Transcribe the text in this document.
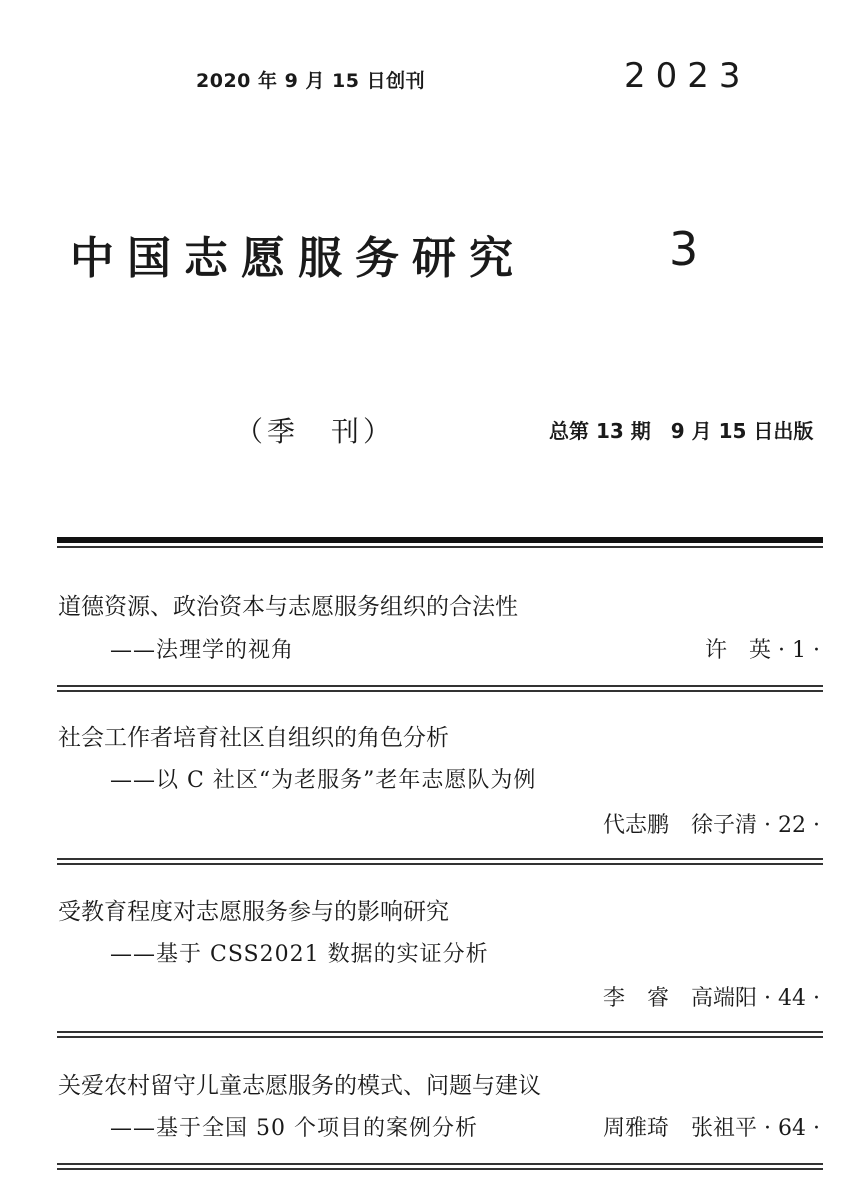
2020 年 9 月 15 日创刊	2023
中国志愿服务研究	3
（季　刊）	总第 13 期　9 月 15 日出版
道德资源、政治资本与志愿服务组织的合法性
——法理学的视角	许　英 · 1 ·
社会工作者培育社区自组织的角色分析
——以 C 社区“为老服务”老年志愿队为例
代志鹏　徐子清 · 22 ·
受教育程度对志愿服务参与的影响研究
——基于 CSS2021 数据的实证分析
李　睿　高端阳 · 44 ·
关爱农村留守儿童志愿服务的模式、问题与建议
——基于全国 50 个项目的案例分析	周雅琦　张祖平 · 64 ·
